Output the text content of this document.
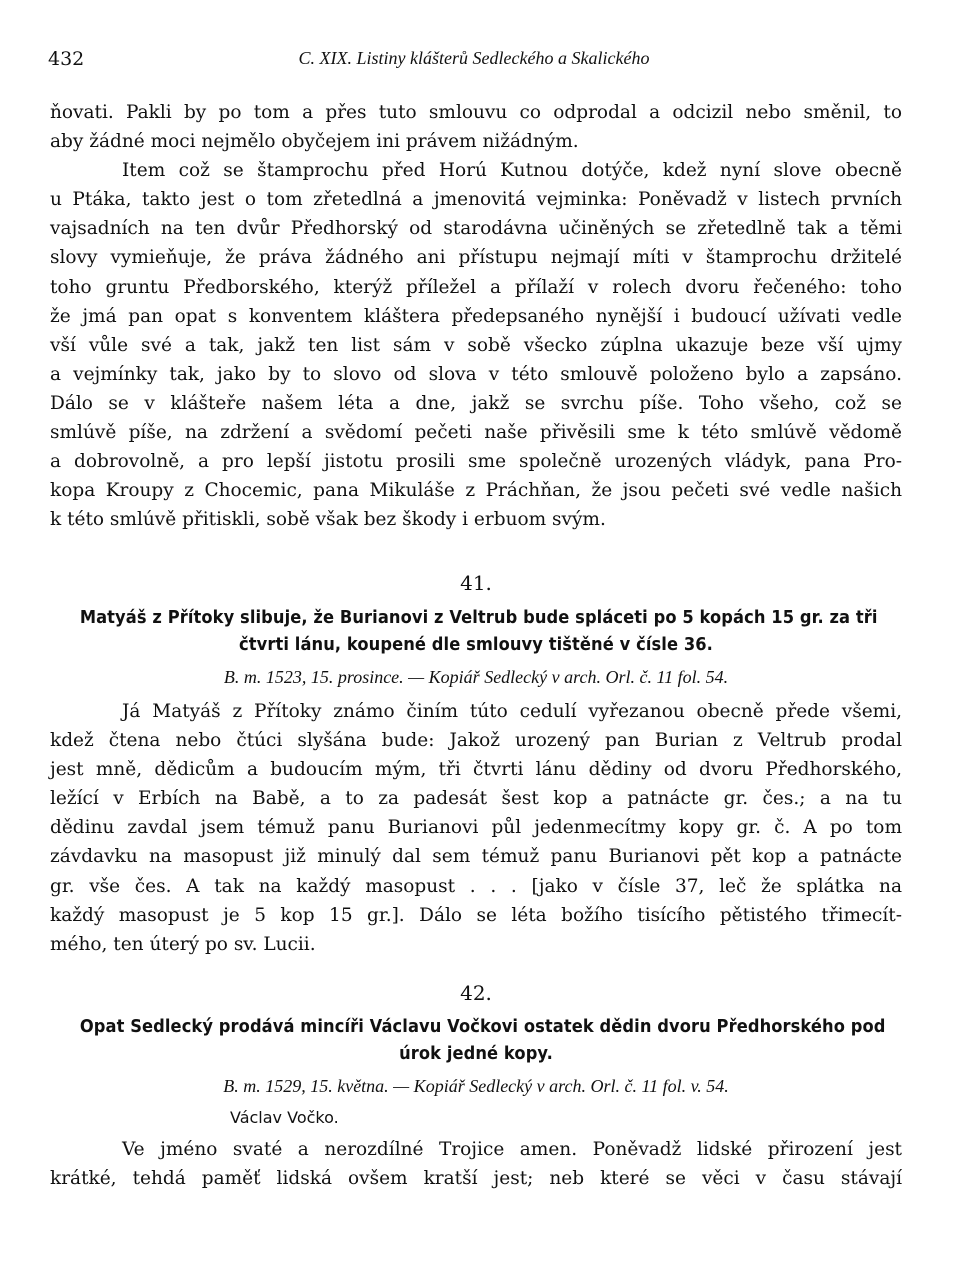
432	C. XIX. Listiny klášterů Sedleckého a Skalického
ňovati. Pakli by po tom a přes tuto smlouvu co odprodal a odcizil nebo směnil, to
aby žádné moci nejmělo obyčejem ini právem nižádným.
Item což se štamprochu před Horú Kutnou dotýče, kdež nyní slove obecně
u Ptáka, takto jest o tom zřetedlná a jmenovitá vejminka: Poněvadž v listech prvních
vajsadních na ten dvůr Předhorský od starodávna učiněných se zřetedlně tak a těmi
slovy vymieňuje, že práva žádného ani přístupu nejmají míti v štamprochu držitelé
toho gruntu Předborského, kterýž příležel a přílaží v rolech dvoru řečeného: toho
že jmá pan opat s konventem kláštera předepsaného nynější i budoucí užívati vedle
vší vůle své a tak, jakž ten list sám v sobě všecko zúplna ukazuje beze vší ujmy
a vejmínky tak, jako by to slovo od slova v této smlouvě položeno bylo a zapsáno.
Dálo se v klášteře našem léta a dne, jakž se svrchu píše. Toho všeho, což se
smlúvě píše, na zdržení a svědomí pečeti naše přivěsili sme k této smlúvě vědomě
a dobrovolně, a pro lepší jistotu prosili sme společně urozených vládyk, pana Pro-
kopa Kroupy z Chocemic, pana Mikuláše z Práchňan, že jsou pečeti své vedle našich
k této smlúvě přitiskli, sobě však bez škody i erbuom svým.
41.
Matyáš z Přítoky slibuje, že Burianovi z Veltrub bude spláceti po 5 kopách 15 gr. za tři
čtvrti lánu, koupené dle smlouvy tištěné v čísle 36.
B. m. 1523, 15. prosince. — Kopiář Sedlecký v arch. Orl. č. 11 fol. 54.
Já Matyáš z Přítoky známo činím túto cedulí vyřezanou obecně přede všemi,
kdež čtena nebo čtúci slyšána bude: Jakož urozený pan Burian z Veltrub prodal
jest mně, dědicům a budoucím mým, tři čtvrti lánu dědiny od dvoru Předhorského,
ležící v Erbích na Babě, a to za padesát šest kop a patnácte gr. čes.; a na tu
dědinu zavdal jsem témuž panu Burianovi půl jedenmecítmy kopy gr. č. A po tom
závdavku na masopust již minulý dal sem témuž panu Burianovi pět kop a patnácte
gr. vše čes. A tak na každý masopust . . . [jako v čísle 37, leč že splátka na
každý masopust je 5 kop 15 gr.]. Dálo se léta božího tisícího pětistého třimecít-
mého, ten úterý po sv. Lucii.
42.
Opat Sedlecký prodává mincíři Václavu Vočkovi ostatek dědin dvoru Předhorského pod
úrok jedné kopy.
B. m. 1529, 15. května. — Kopiář Sedlecký v arch. Orl. č. 11 fol. v. 54.
Václav Vočko.
Ve jméno svaté a nerozdílné Trojice amen. Poněvadž lidské přirození jest
krátké, tehdá paměť lidská ovšem kratší jest; neb které se věci v času stávají
